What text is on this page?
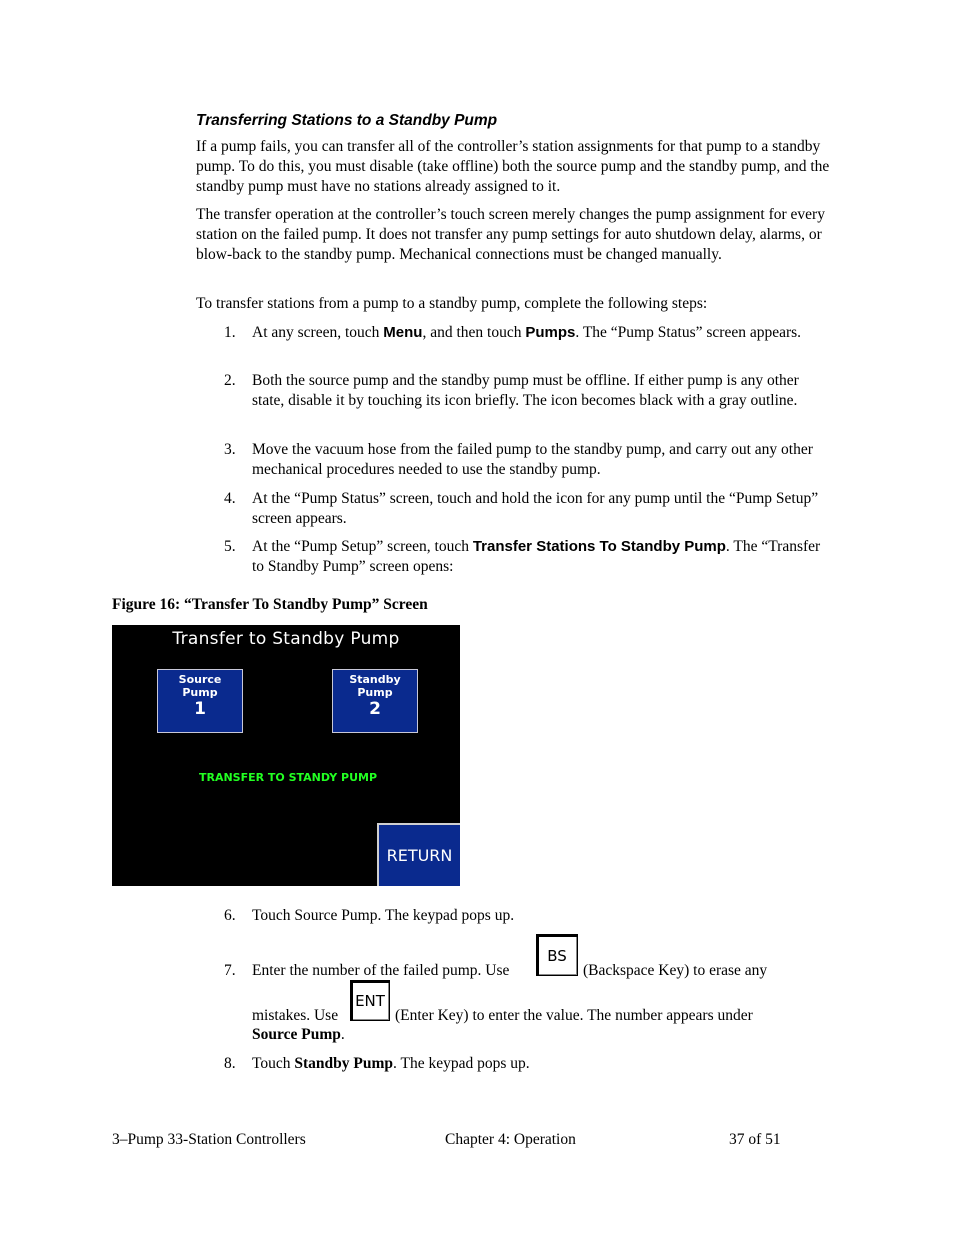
Transferring Stations to a Standby Pump
If a pump fails, you can transfer all of the controller’s station assignments for that pump to a standby pump. To do this, you must disable (take offline) both the source pump and the standby pump, and the standby pump must have no stations already assigned to it.
The transfer operation at the controller’s touch screen merely changes the pump assignment for every station on the failed pump. It does not transfer any pump settings for auto shutdown delay, alarms, or blow-back to the standby pump. Mechanical connections must be changed manually.
To transfer stations from a pump to a standby pump, complete the following steps:
1. At any screen, touch Menu, and then touch Pumps. The “Pump Status” screen appears.
2. Both the source pump and the standby pump must be offline. If either pump is any other state, disable it by touching its icon briefly. The icon becomes black with a gray outline.
3. Move the vacuum hose from the failed pump to the standby pump, and carry out any other mechanical procedures needed to use the standby pump.
4. At the “Pump Status” screen, touch and hold the icon for any pump until the “Pump Setup” screen appears.
5. At the “Pump Setup” screen, touch Transfer Stations To Standby Pump. The “Transfer to Standby Pump” screen opens:
Figure 16: “Transfer To Standby Pump” Screen
Transfer to Standby Pump
Source
Pump
1
Standby
Pump
2
TRANSFER TO STANDY PUMP
RETURN
6. Touch Source Pump. The keypad pops up.
7. Enter the number of the failed pump. Use
BS
(Backspace Key) to erase any
mistakes. Use
ENT
(Enter Key) to enter the value. The number appears under
Source Pump.
8. Touch Standby Pump. The keypad pops up.
3–Pump 33-Station Controllers	Chapter 4: Operation	37 of 51
